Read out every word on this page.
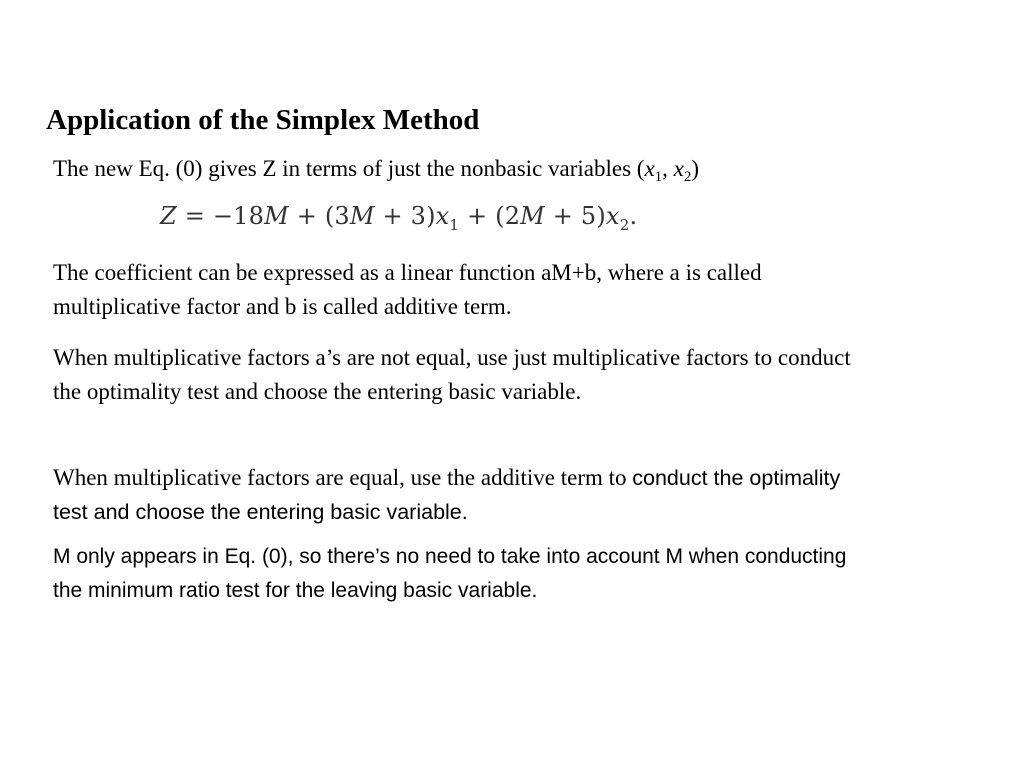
Application of the Simplex Method
The new Eq. (0) gives Z in terms of just the nonbasic variables ($x_1$, $x_2$)
$Z = -18M + (3M + 3)x_1 + (2M + 5)x_2$.
The coefficient can be expressed as a linear function aM+b, where a is called multiplicative factor and b is called additive term.
When multiplicative factors a’s are not equal, use just multiplicative factors to conduct the optimality test and choose the entering basic variable.
When multiplicative factors are equal, use the additive term to conduct the optimality test and choose the entering basic variable.
M only appears in Eq. (0), so there’s no need to take into account M when conducting the minimum ratio test for the leaving basic variable.
